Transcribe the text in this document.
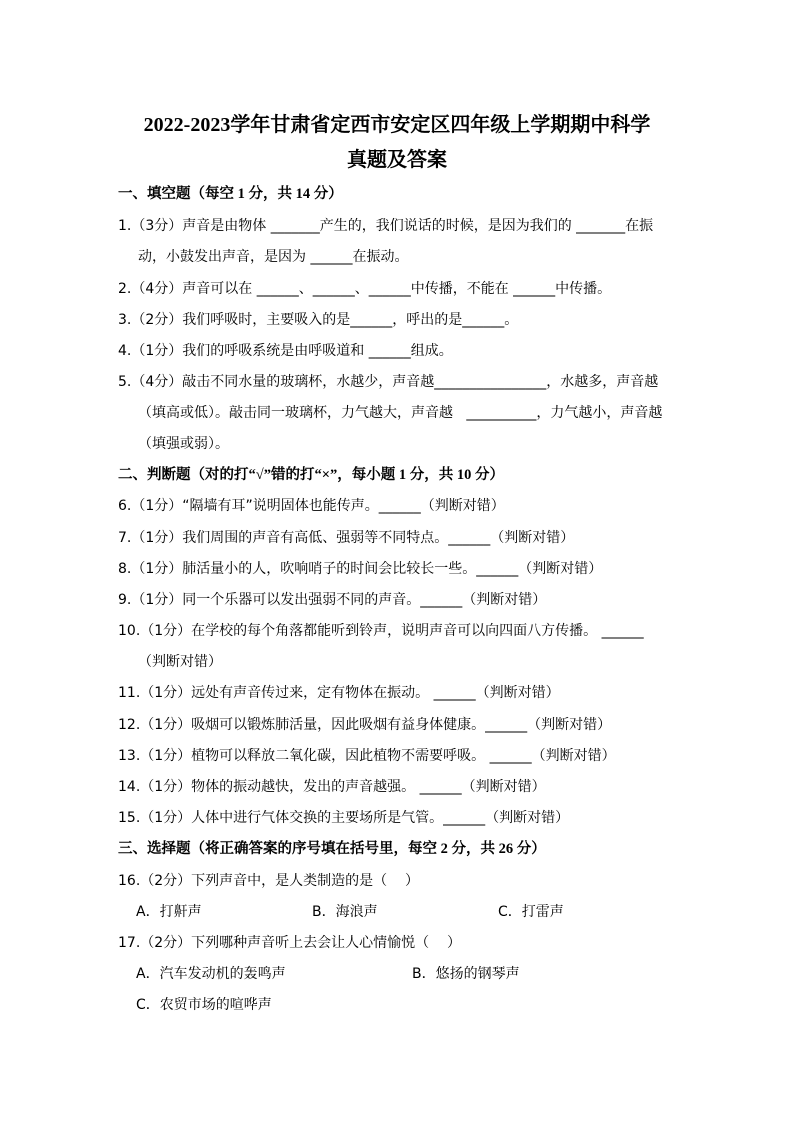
2022-2023学年甘肃省定西市安定区四年级上学期期中科学
真题及答案
一、填空题（每空 1 分，共 14 分）
1.（3分）声音是由物体 _______产生的，我们说话的时候，是因为我们的 _______在振
动，小鼓发出声音，是因为 ______在振动。
2.（4分）声音可以在 ______、______、______中传播，不能在 ______中传播。
3.（2分）我们呼吸时，主要吸入的是______，呼出的是______。
4.（1分）我们的呼吸系统是由呼吸道和 ______组成。
5.（4分）敲击不同水量的玻璃杯，水越少，声音越________________，水越多，声音越
（填高或低）。敲击同一玻璃杯，力气越大，声音越   __________，力气越小，声音越
（填强或弱）。
二、判断题（对的打“√”错的打“×”，每小题 1 分，共 10 分）
6.（1分）“隔墙有耳”说明固体也能传声。______（判断对错）
7.（1分）我们周围的声音有高低、强弱等不同特点。______（判断对错）
8.（1分）肺活量小的人，吹响哨子的时间会比较长一些。______（判断对错）
9.（1分）同一个乐器可以发出强弱不同的声音。______（判断对错）
10.（1分）在学校的每个角落都能听到铃声，说明声音可以向四面八方传播。 ______
（判断对错）
11.（1分）远处有声音传过来，定有物体在振动。 ______（判断对错）
12.（1分）吸烟可以锻炼肺活量，因此吸烟有益身体健康。______（判断对错）
13.（1分）植物可以释放二氧化碳，因此植物不需要呼吸。 ______（判断对错）
14.（1分）物体的振动越快，发出的声音越强。 ______（判断对错）
15.（1分）人体中进行气体交换的主要场所是气管。______（判断对错）
三、选择题（将正确答案的序号填在括号里，每空 2 分，共 26 分）
16.（2分）下列声音中，是人类制造的是（    ）
A．打鼾声	B．海浪声	C．打雷声
17.（2分）下列哪种声音听上去会让人心情愉悦（    ）
A．汽车发动机的轰鸣声	B．悠扬的钢琴声
C．农贸市场的喧哗声
